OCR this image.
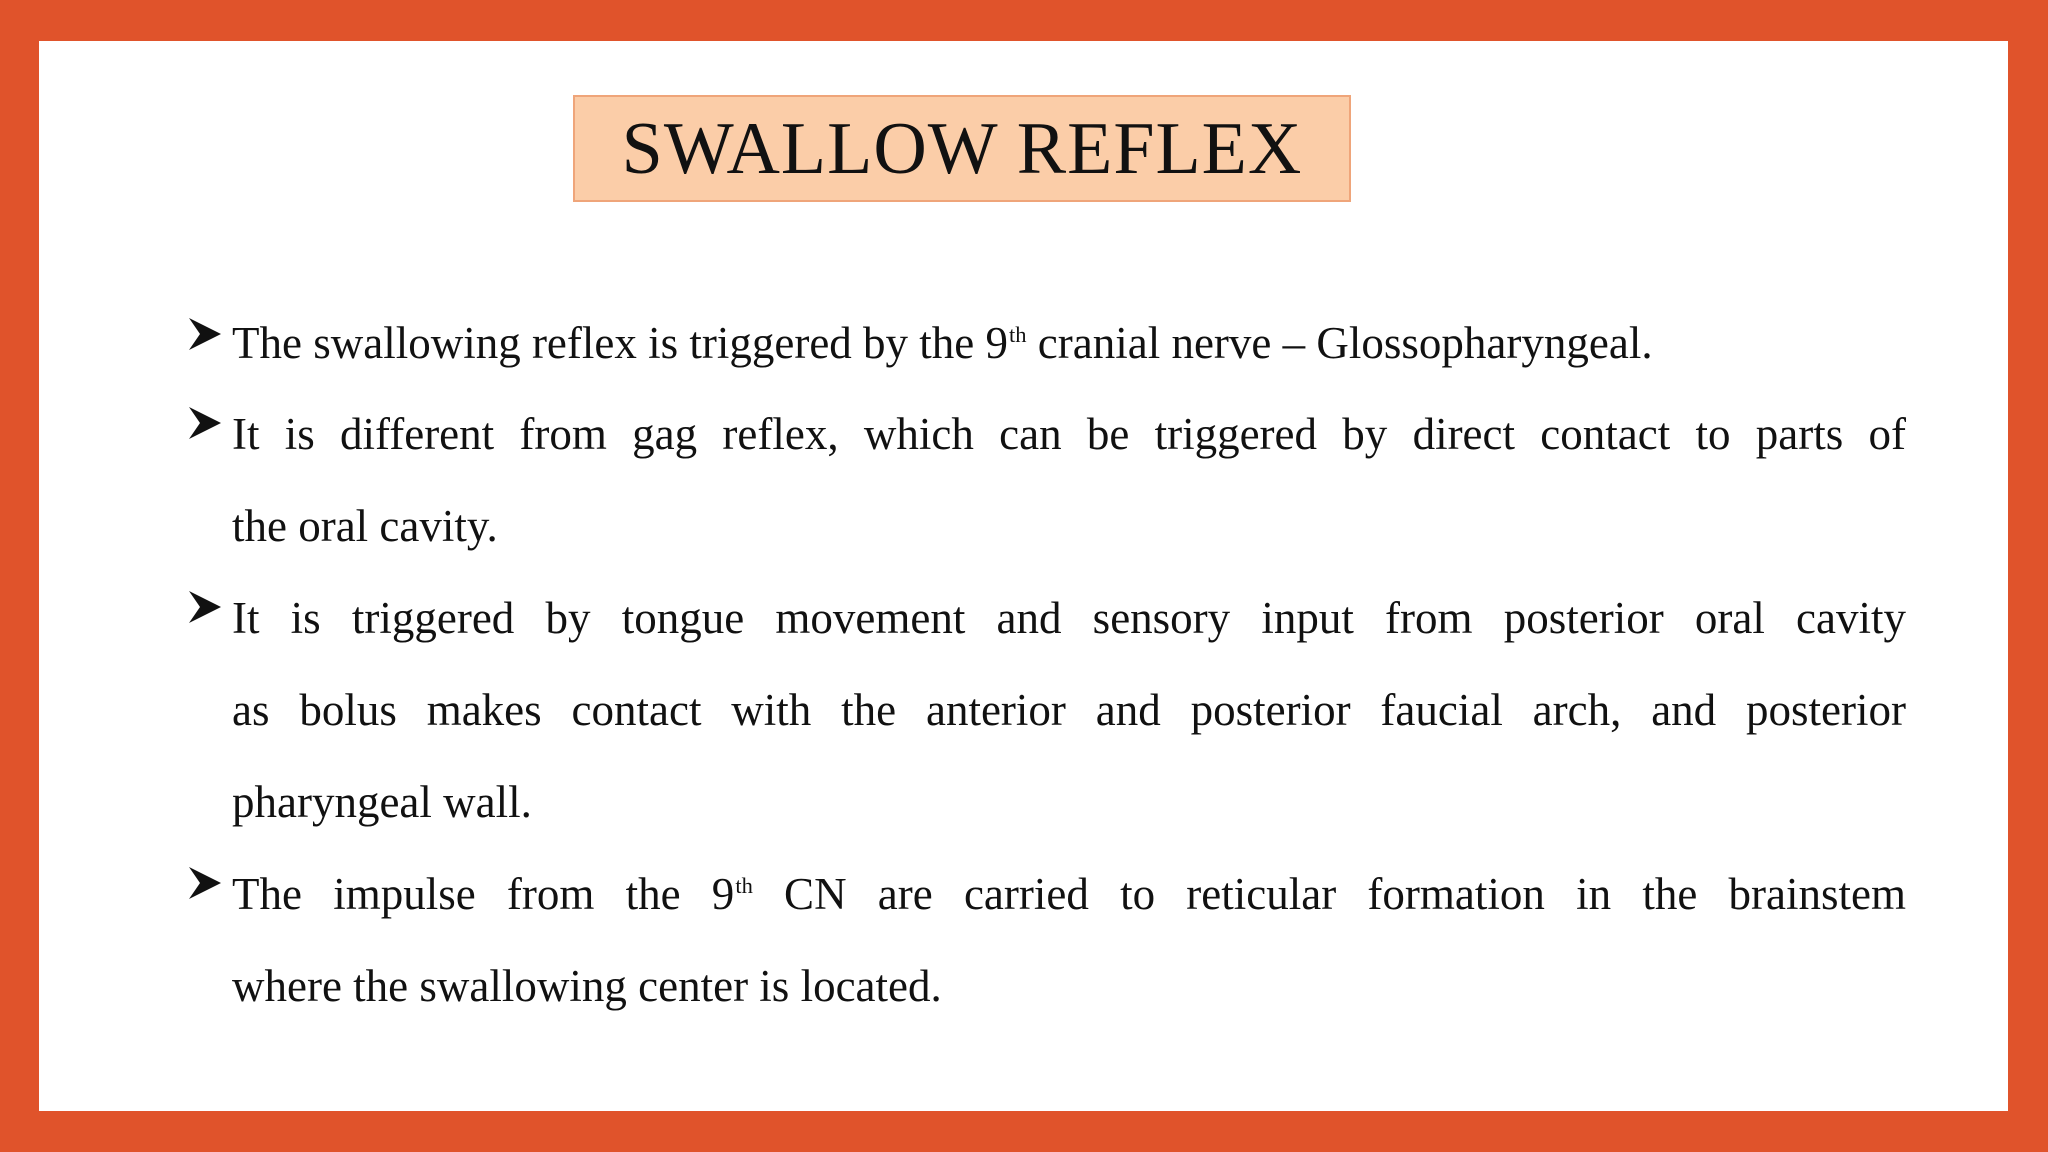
SWALLOW REFLEX
The swallowing reflex is triggered by the 9th cranial nerve – Glossopharyngeal.
It is different from gag reflex, which can be triggered by direct contact to parts of
the oral cavity.
It is triggered by tongue movement and sensory input from posterior oral cavity
as bolus makes contact with the anterior and posterior faucial arch, and posterior
pharyngeal wall.
The impulse from the 9th CN are carried to reticular formation in the brainstem
where the swallowing center is located.
